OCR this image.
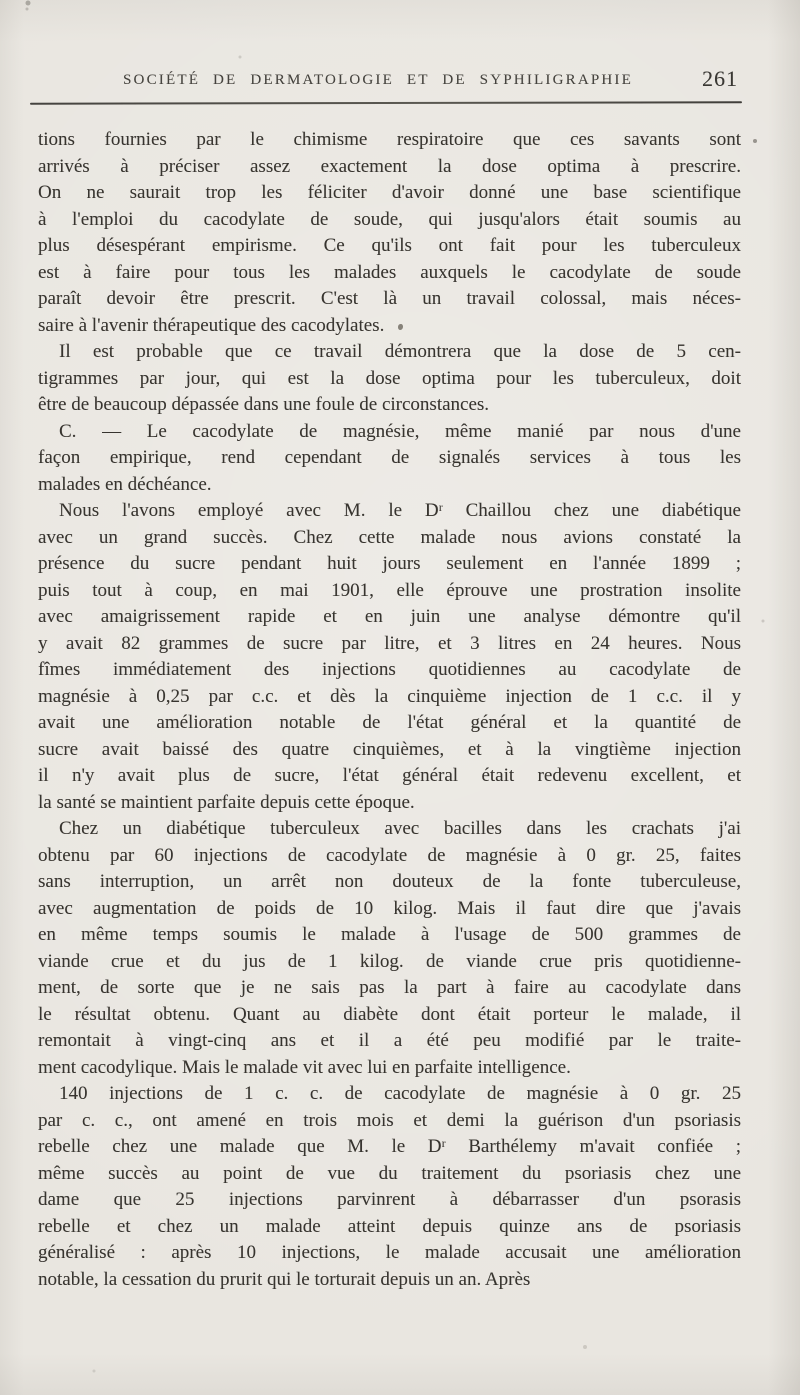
SOCIÉTÉ DE DERMATOLOGIE ET DE SYPHILIGRAPHIE	261
tions fournies par le chimisme respiratoire que ces savants sont
arrivés à préciser assez exactement la dose optima à prescrire.
On ne saurait trop les féliciter d'avoir donné une base scientifique
à l'emploi du cacodylate de soude, qui jusqu'alors était soumis au
plus désespérant empirisme. Ce qu'ils ont fait pour les tuberculeux
est à faire pour tous les malades auxquels le cacodylate de soude
paraît devoir être prescrit. C'est là un travail colossal, mais néces-
saire à l'avenir thérapeutique des cacodylates.
Il est probable que ce travail démontrera que la dose de 5 cen-
tigrammes par jour, qui est la dose optima pour les tuberculeux, doit
être de beaucoup dépassée dans une foule de circonstances.
C. — Le cacodylate de magnésie, même manié par nous d'une
façon empirique, rend cependant de signalés services à tous les
malades en déchéance.
Nous l'avons employé avec M. le Dʳ Chaillou chez une diabétique
avec un grand succès. Chez cette malade nous avions constaté la
présence du sucre pendant huit jours seulement en l'année 1899 ;
puis tout à coup, en mai 1901, elle éprouve une prostration insolite
avec amaigrissement rapide et en juin une analyse démontre qu'il
y avait 82 grammes de sucre par litre, et 3 litres en 24 heures. Nous
fîmes immédiatement des injections quotidiennes au cacodylate de
magnésie à 0,25 par c.c. et dès la cinquième injection de 1 c.c. il y
avait une amélioration notable de l'état général et la quantité de
sucre avait baissé des quatre cinquièmes, et à la vingtième injection
il n'y avait plus de sucre, l'état général était redevenu excellent, et
la santé se maintient parfaite depuis cette époque.
Chez un diabétique tuberculeux avec bacilles dans les crachats j'ai
obtenu par 60 injections de cacodylate de magnésie à 0 gr. 25, faites
sans interruption, un arrêt non douteux de la fonte tuberculeuse,
avec augmentation de poids de 10 kilog. Mais il faut dire que j'avais
en même temps soumis le malade à l'usage de 500 grammes de
viande crue et du jus de 1 kilog. de viande crue pris quotidienne-
ment, de sorte que je ne sais pas la part à faire au cacodylate dans
le résultat obtenu. Quant au diabète dont était porteur le malade, il
remontait à vingt-cinq ans et il a été peu modifié par le traite-
ment cacodylique. Mais le malade vit avec lui en parfaite intelligence.
140 injections de 1 c. c. de cacodylate de magnésie à 0 gr. 25
par c. c., ont amené en trois mois et demi la guérison d'un psoriasis
rebelle chez une malade que M. le Dʳ Barthélemy m'avait confiée ;
même succès au point de vue du traitement du psoriasis chez une
dame que 25 injections parvinrent à débarrasser d'un psorasis
rebelle et chez un malade atteint depuis quinze ans de psoriasis
généralisé : après 10 injections, le malade accusait une amélioration
notable, la cessation du prurit qui le torturait depuis un an. Après
